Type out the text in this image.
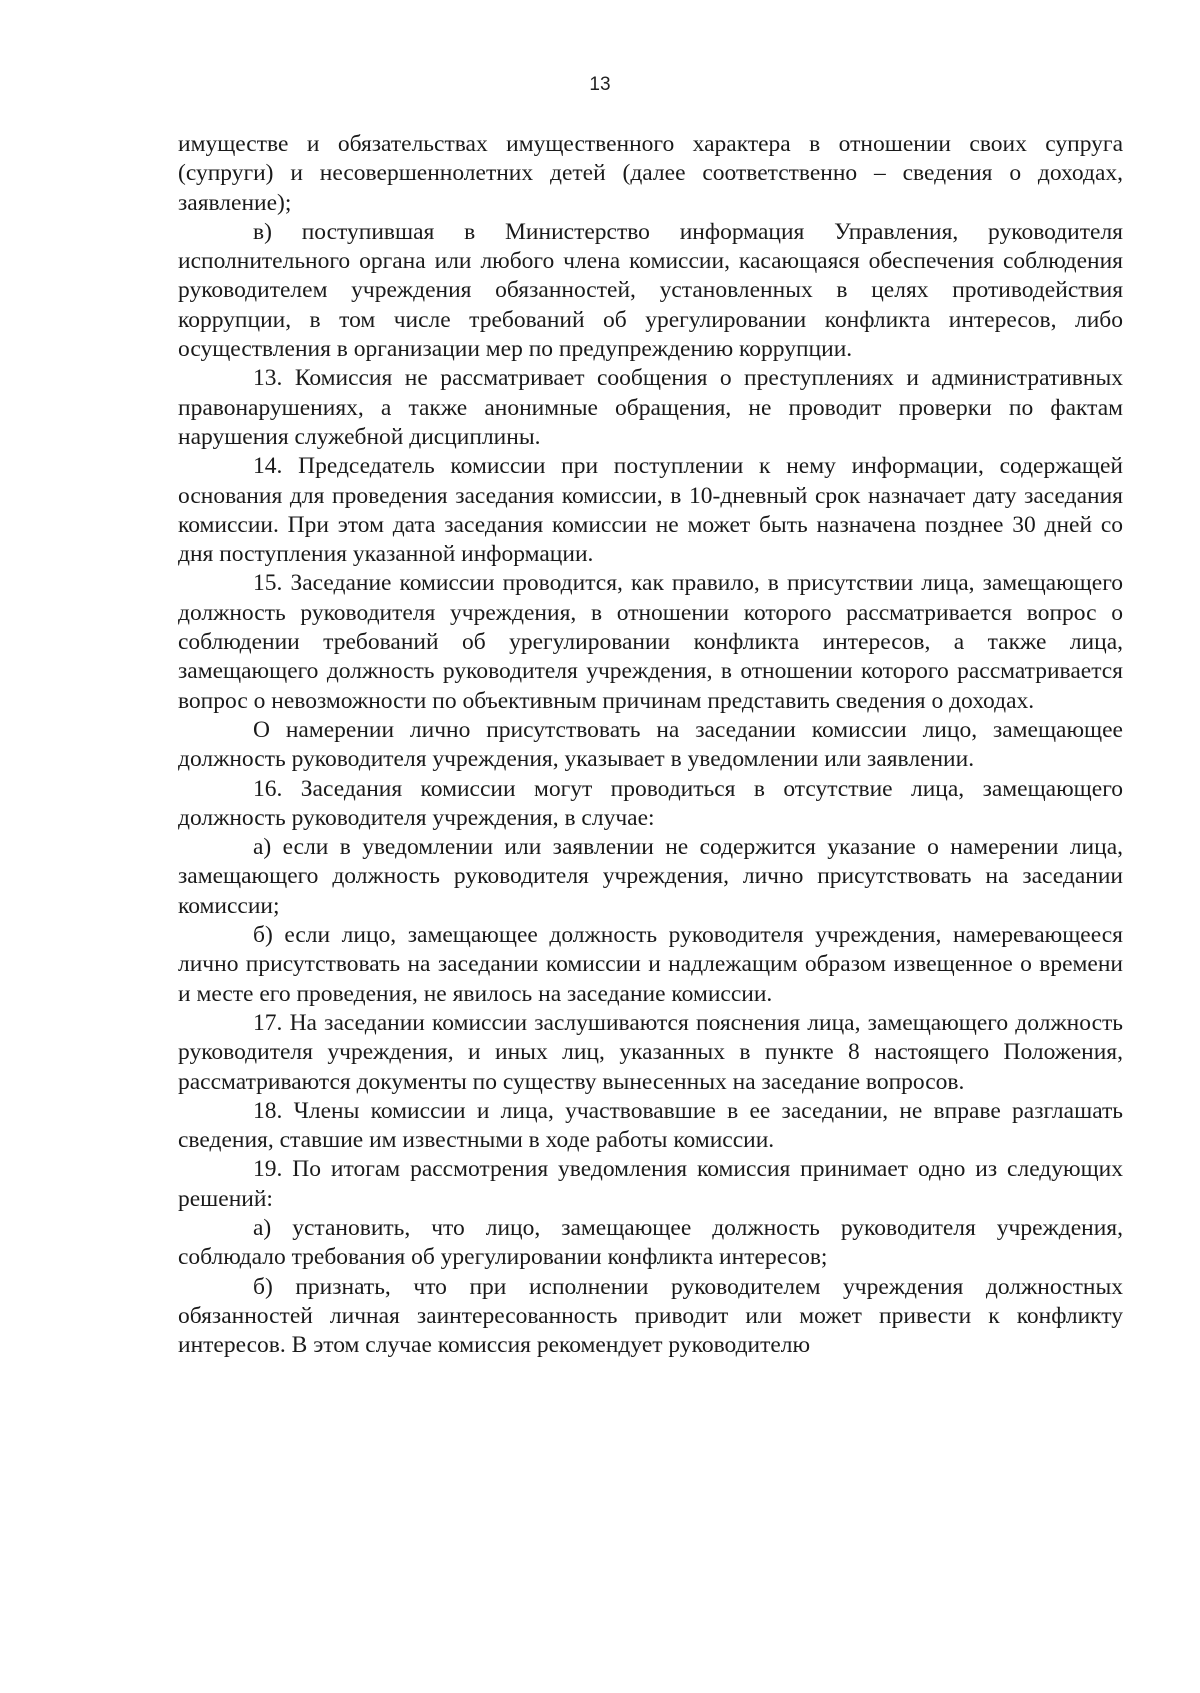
13

имуществе и обязательствах имущественного характера в отношении своих супруга (супруги) и несовершеннолетних детей (далее соответственно – сведения о доходах, заявление);

в) поступившая в Министерство информация Управления, руководителя исполнительного органа или любого члена комиссии, касающаяся обеспечения соблюдения руководителем учреждения обязанностей, установленных в целях противодействия коррупции, в том числе требований об урегулировании конфликта интересов, либо осуществления в организации мер по предупреждению коррупции.

13. Комиссия не рассматривает сообщения о преступлениях и административных правонарушениях, а также анонимные обращения, не проводит проверки по фактам нарушения служебной дисциплины.

14. Председатель комиссии при поступлении к нему информации, содержащей основания для проведения заседания комиссии, в 10-дневный срок назначает дату заседания комиссии. При этом дата заседания комиссии не может быть назначена позднее 30 дней со дня поступления указанной информации.

15. Заседание комиссии проводится, как правило, в присутствии лица, замещающего должность руководителя учреждения, в отношении которого рассматривается вопрос о соблюдении требований об урегулировании конфликта интересов, а также лица, замещающего должность руководителя учреждения, в отношении которого рассматривается вопрос о невозможности по объективным причинам представить сведения о доходах.

О намерении лично присутствовать на заседании комиссии лицо, замещающее должность руководителя учреждения, указывает в уведомлении или заявлении.

16. Заседания комиссии могут проводиться в отсутствие лица, замещающего должность руководителя учреждения, в случае:

а) если в уведомлении или заявлении не содержится указание о намерении лица, замещающего должность руководителя учреждения, лично присутствовать на заседании комиссии;

б) если лицо, замещающее должность руководителя учреждения, намеревающееся лично присутствовать на заседании комиссии и надлежащим образом извещенное о времени и месте его проведения, не явилось на заседание комиссии.

17. На заседании комиссии заслушиваются пояснения лица, замещающего должность руководителя учреждения, и иных лиц, указанных в пункте 8 настоящего Положения, рассматриваются документы по существу вынесенных на заседание вопросов.

18. Члены комиссии и лица, участвовавшие в ее заседании, не вправе разглашать сведения, ставшие им известными в ходе работы комиссии.

19. По итогам рассмотрения уведомления комиссия принимает одно из следующих решений:

а) установить, что лицо, замещающее должность руководителя учреждения, соблюдало требования об урегулировании конфликта интересов;

б) признать, что при исполнении руководителем учреждения должностных обязанностей личная заинтересованность приводит или может привести к конфликту интересов. В этом случае комиссия рекомендует руководителю
